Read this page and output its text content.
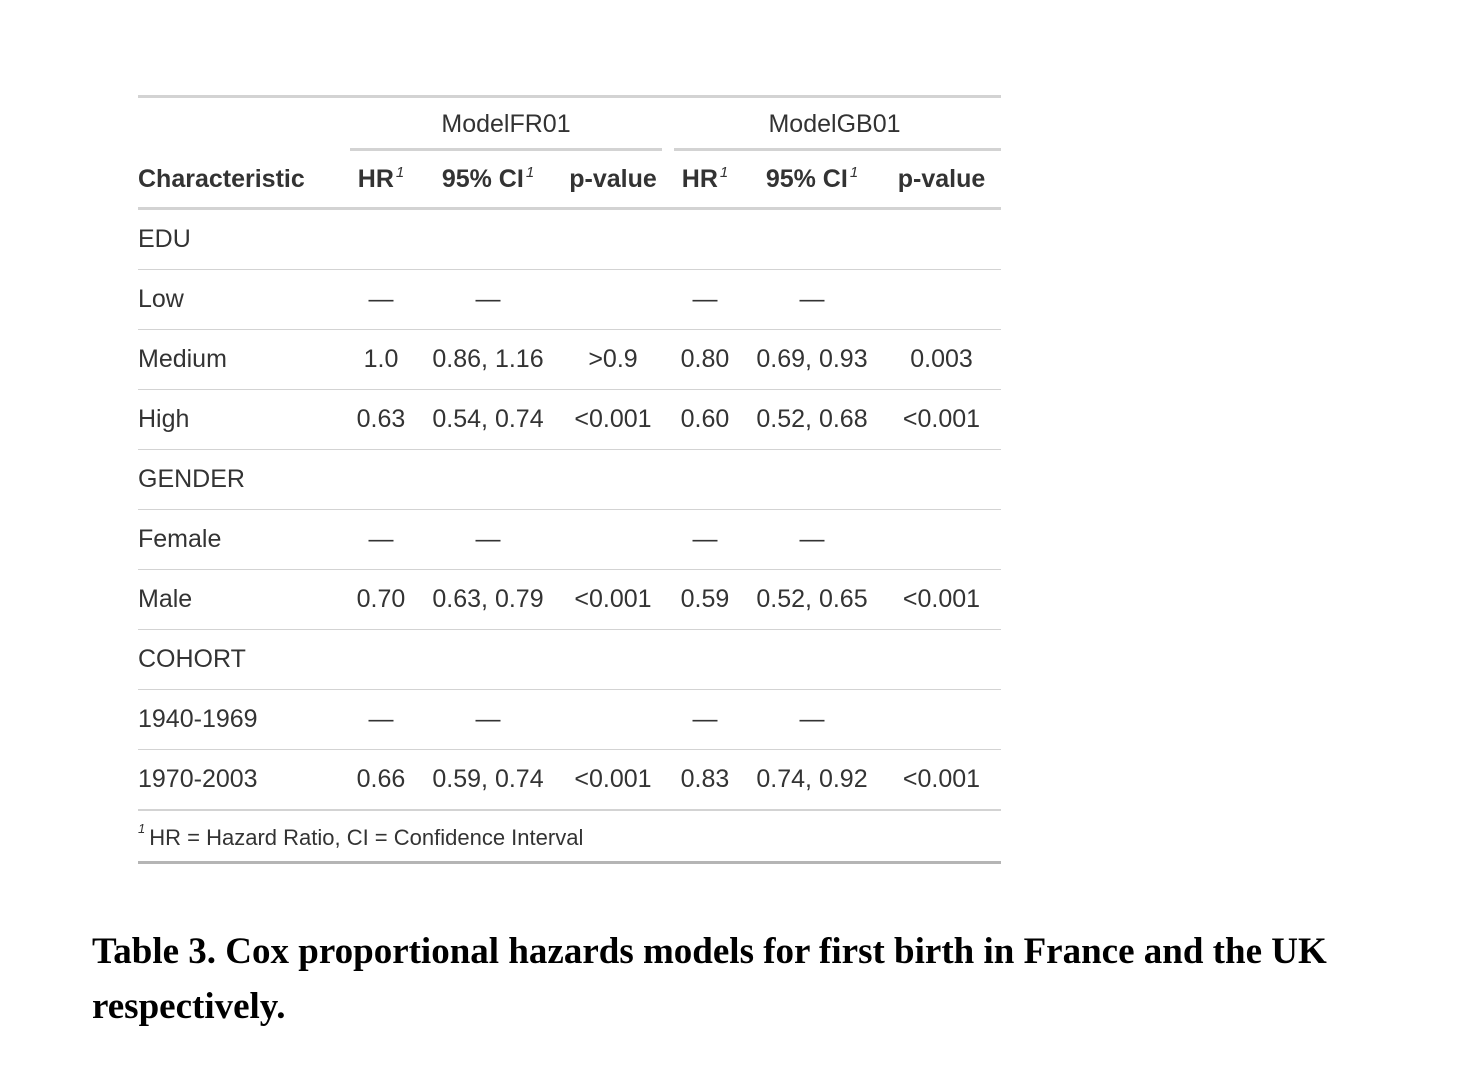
	ModelFR01			ModelGB01		

Characteristic	HR $^1$	95% CI $^1$	p-value	HR $^1$	95% CI $^1$	p-value
EDU						
Low	—	—		—	—	
Medium	1.0	0.86, 1.16	>0.9	0.80	0.69, 0.93	0.003
High	0.63	0.54, 0.74	<0.001	0.60	0.52, 0.68	<0.001
GENDER						
Female	—	—		—	—	
Male	0.70	0.63, 0.79	<0.001	0.59	0.52, 0.65	<0.001
COHORT						
1940-1969	—	—		—	—	
1970-2003	0.66	0.59, 0.74	<0.001	0.83	0.74, 0.92	<0.001
$^1$ HR = Hazard Ratio, CI = Confidence Interval						
Table 3. Cox proportional hazards models for first birth in France and the UK respectively.
